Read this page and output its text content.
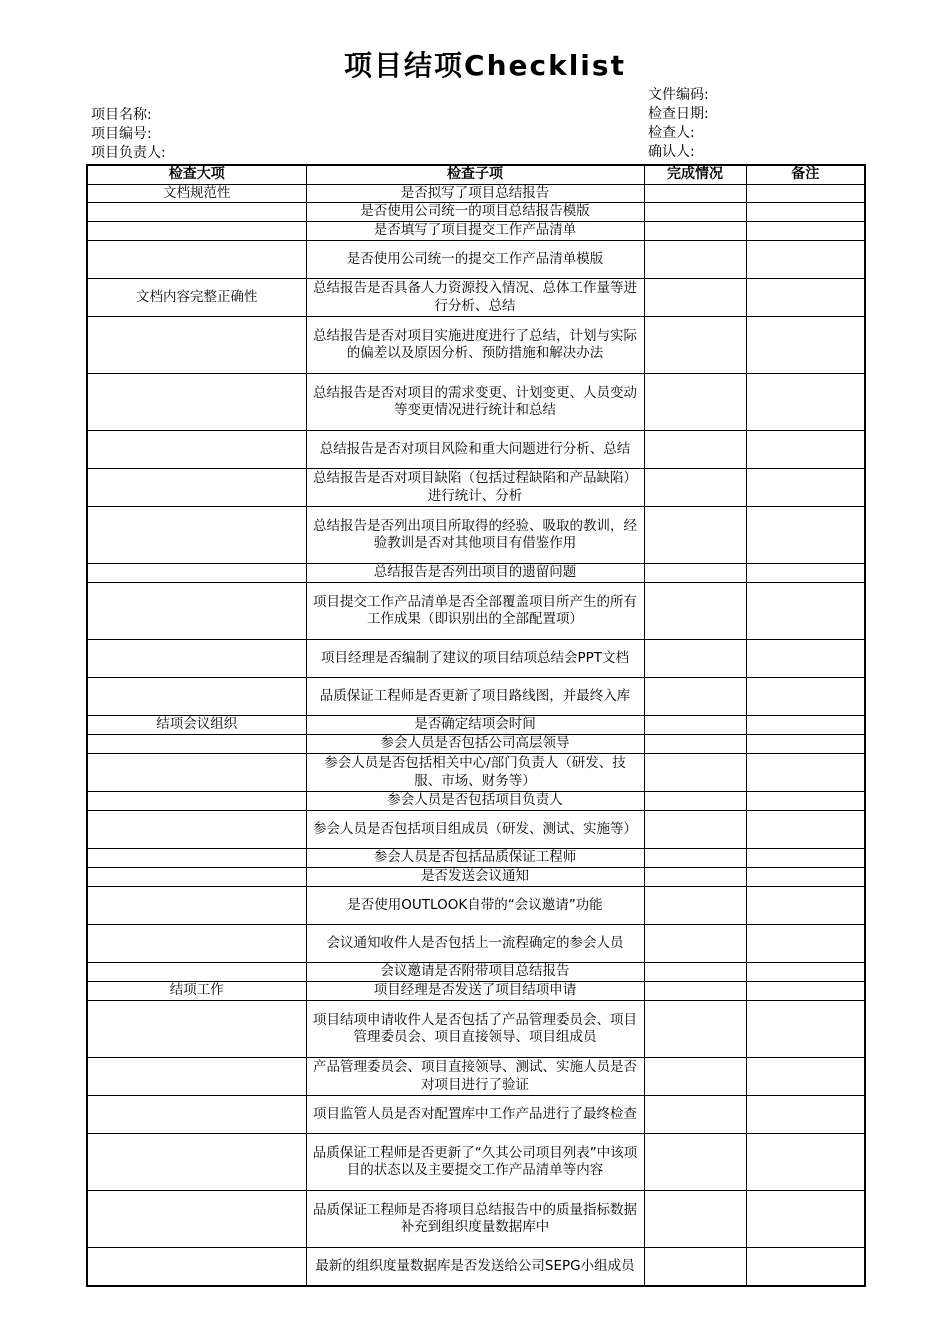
项目结项Checklist
文件编码:
检查日期:
检查人:
确认人:
项目名称:
项目编号:
项目负责人:
检查大项	检查子项	完成情况	备注
文档规范性	是否拟写了项目总结报告		
	是否使用公司统一的项目总结报告模版		
	是否填写了项目提交工作产品清单		
	是否使用公司统一的提交工作产品清单模版		
文档内容完整正确性	总结报告是否具备人力资源投入情况、总体工作量等进行分析、总结		
	总结报告是否对项目实施进度进行了总结，计划与实际的偏差以及原因分析、预防措施和解决办法		
	总结报告是否对项目的需求变更、计划变更、人员变动等变更情况进行统计和总结		
	总结报告是否对项目风险和重大问题进行分析、总结		
	总结报告是否对项目缺陷（包括过程缺陷和产品缺陷）进行统计、分析		
	总结报告是否列出项目所取得的经验、吸取的教训，经验教训是否对其他项目有借鉴作用		
	总结报告是否列出项目的遗留问题		
	项目提交工作产品清单是否全部覆盖项目所产生的所有工作成果（即识别出的全部配置项）		
	项目经理是否编制了建议的项目结项总结会PPT文档		
	品质保证工程师是否更新了项目路线图，并最终入库		
结项会议组织	是否确定结项会时间		
	参会人员是否包括公司高层领导		
	参会人员是否包括相关中心/部门负责人（研发、技服、市场、财务等）		
	参会人员是否包括项目负责人		
	参会人员是否包括项目组成员（研发、测试、实施等）		
	参会人员是否包括品质保证工程师		
	是否发送会议通知		
	是否使用OUTLOOK自带的“会议邀请”功能		
	会议通知收件人是否包括上一流程确定的参会人员		
	会议邀请是否附带项目总结报告		
结项工作	项目经理是否发送了项目结项申请		
	项目结项申请收件人是否包括了产品管理委员会、项目管理委员会、项目直接领导、项目组成员		
	产品管理委员会、项目直接领导、测试、实施人员是否对项目进行了验证		
	项目监管人员是否对配置库中工作产品进行了最终检查		
	品质保证工程师是否更新了“久其公司项目列表”中该项目的状态以及主要提交工作产品清单等内容		
	品质保证工程师是否将项目总结报告中的质量指标数据补充到组织度量数据库中		
	最新的组织度量数据库是否发送给公司SEPG小组成员		
